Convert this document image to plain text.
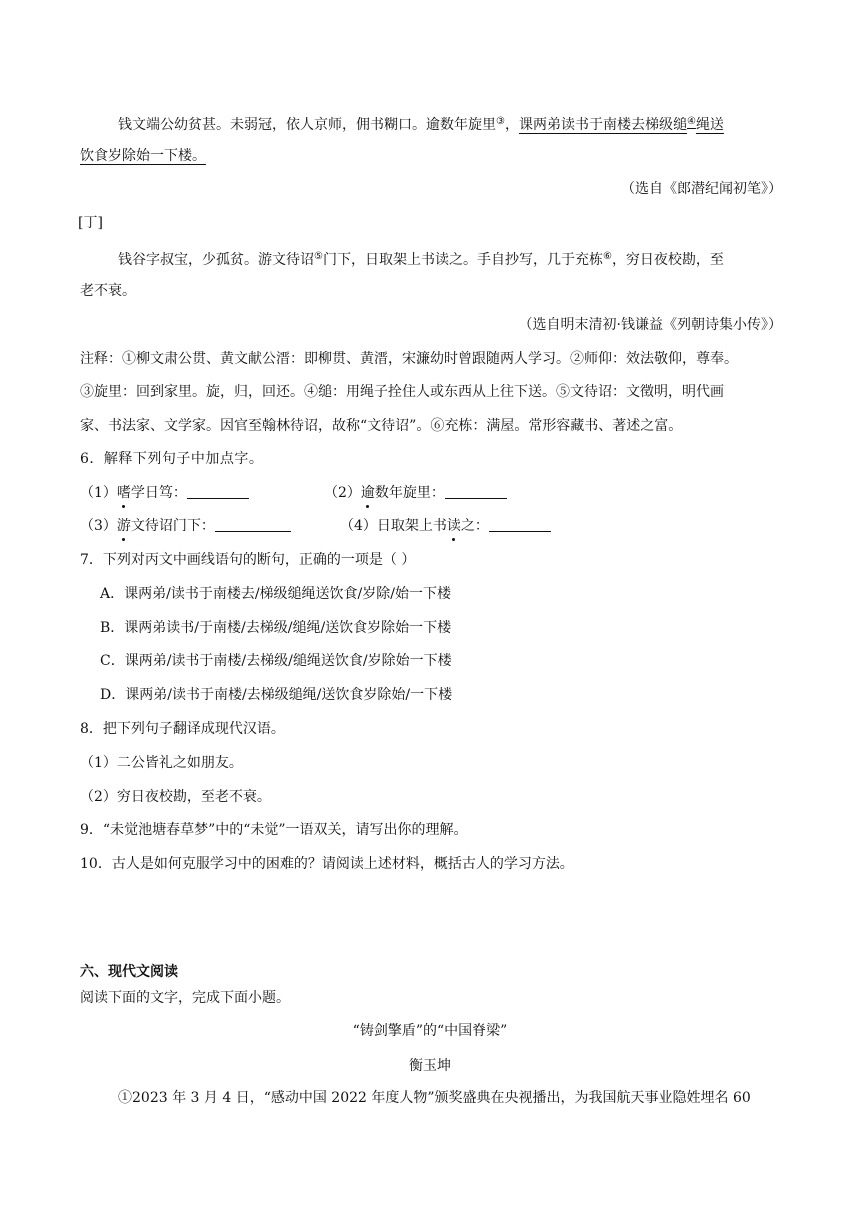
钱文端公幼贫甚。未弱冠，依人京师，佣书糊口。逾数年旋里③，课两弟读书于南楼去梯级缒④绳送
饮食岁除始一下楼。
（选自《郎潜纪闻初笔》）
[丁]
钱谷字叔宝，少孤贫。游文待诏⑤门下，日取架上书读之。手自抄写，几于充栋⑥，穷日夜校勘，至
老不衰。
（选自明末清初·钱谦益《列朝诗集小传》）
注释：①柳文肃公贯、黄文献公溍：即柳贯、黄溍，宋濂幼时曾跟随两人学习。②师仰：效法敬仰，尊奉。
③旋里：回到家里。旋，归，回还。④缒：用绳子拴住人或东西从上往下送。⑤文待诏：文徵明，明代画
家、书法家、文学家。因官至翰林待诏，故称“文待诏”。⑥充栋：满屋。常形容藏书、著述之富。
6．解释下列句子中加点字。
（1）嗜学日笃：	（2）逾数年旋里：
（3）游文待诏门下：	（4）日取架上书读之：
7．下列对丙文中画线语句的断句，正确的一项是（ ）
A．课两弟/读书于南楼去/梯级缒绳送饮食/岁除/始一下楼
B．课两弟读书/于南楼/去梯级/缒绳/送饮食岁除始一下楼
C．课两弟/读书于南楼/去梯级/缒绳送饮食/岁除始一下楼
D．课两弟/读书于南楼/去梯级缒绳/送饮食岁除始/一下楼
8．把下列句子翻译成现代汉语。
（1）二公皆礼之如朋友。
（2）穷日夜校勘，至老不衰。
9．“未觉池塘春草梦”中的“未觉”一语双关，请写出你的理解。
10．古人是如何克服学习中的困难的？请阅读上述材料，概括古人的学习方法。
六、现代文阅读
阅读下面的文字，完成下面小题。
“铸剑擎盾”的“中国脊梁”
衡玉坤
①2023 年 3 月 4 日，“感动中国 2022 年度人物”颁奖盛典在央视播出，为我国航天事业隐姓埋名 60
